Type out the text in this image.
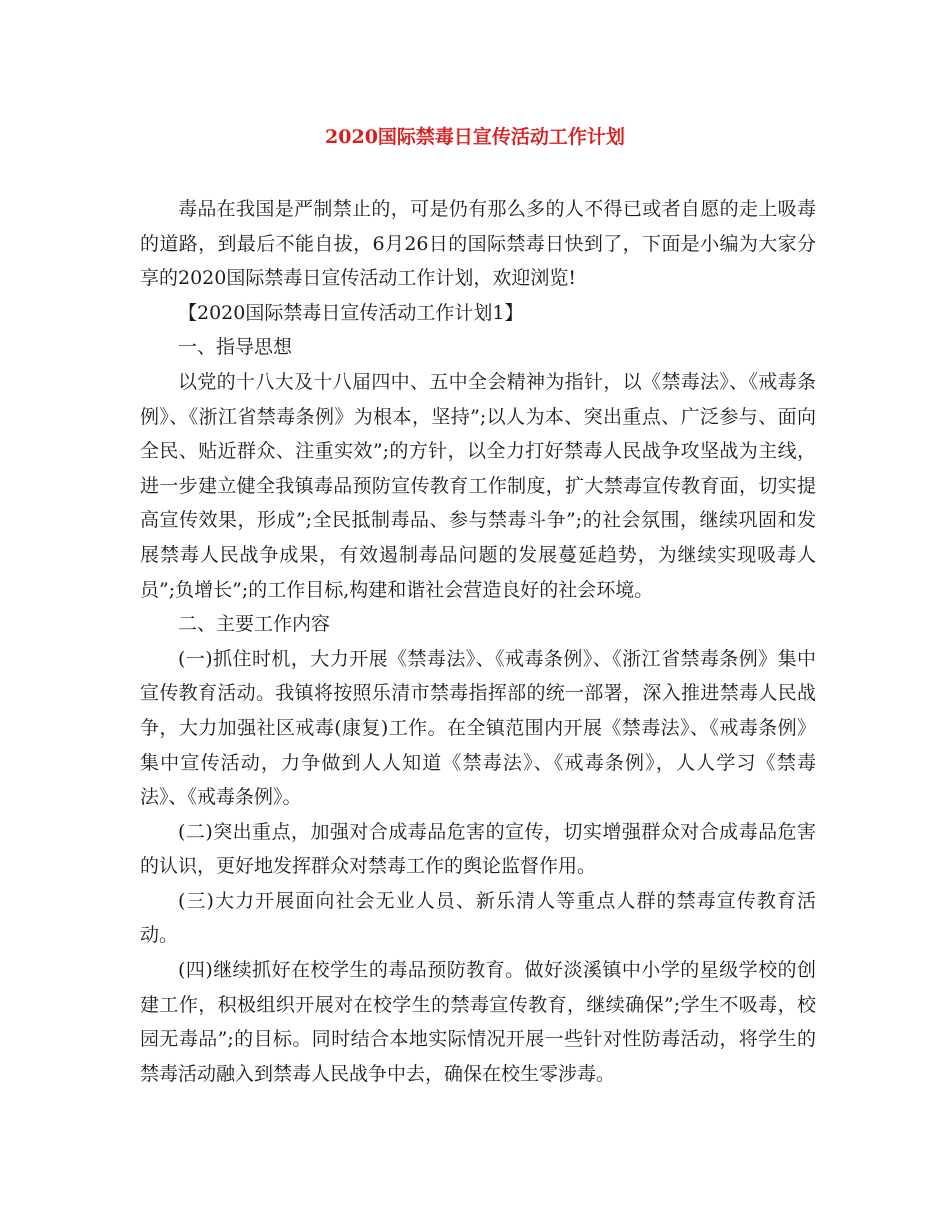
2020国际禁毒日宣传活动工作计划

毒品在我国是严制禁止的，可是仍有那么多的人不得已或者自愿的走上吸毒的道路，到最后不能自拔，6月26日的国际禁毒日快到了，下面是小编为大家分享的2020国际禁毒日宣传活动工作计划，欢迎浏览!

【2020国际禁毒日宣传活动工作计划1】

一、指导思想

以党的十八大及十八届四中、五中全会精神为指针，以《禁毒法》、《戒毒条例》、《浙江省禁毒条例》为根本，坚持”;以人为本、突出重点、广泛参与、面向全民、贴近群众、注重实效”;的方针，以全力打好禁毒人民战争攻坚战为主线，进一步建立健全我镇毒品预防宣传教育工作制度，扩大禁毒宣传教育面，切实提高宣传效果，形成”;全民抵制毒品、参与禁毒斗争”;的社会氛围，继续巩固和发展禁毒人民战争成果，有效遏制毒品问题的发展蔓延趋势，为继续实现吸毒人员”;负增长”;的工作目标,构建和谐社会营造良好的社会环境。

二、主要工作内容

(一)抓住时机，大力开展《禁毒法》、《戒毒条例》、《浙江省禁毒条例》集中宣传教育活动。我镇将按照乐清市禁毒指挥部的统一部署，深入推进禁毒人民战争，大力加强社区戒毒(康复)工作。在全镇范围内开展《禁毒法》、《戒毒条例》集中宣传活动，力争做到人人知道《禁毒法》、《戒毒条例》，人人学习《禁毒法》、《戒毒条例》。

(二)突出重点，加强对合成毒品危害的宣传，切实增强群众对合成毒品危害的认识，更好地发挥群众对禁毒工作的舆论监督作用。

(三)大力开展面向社会无业人员、新乐清人等重点人群的禁毒宣传教育活动。

(四)继续抓好在校学生的毒品预防教育。做好淡溪镇中小学的星级学校的创建工作，积极组织开展对在校学生的禁毒宣传教育，继续确保”;学生不吸毒，校园无毒品”;的目标。同时结合本地实际情况开展一些针对性防毒活动，将学生的禁毒活动融入到禁毒人民战争中去，确保在校生零涉毒。
